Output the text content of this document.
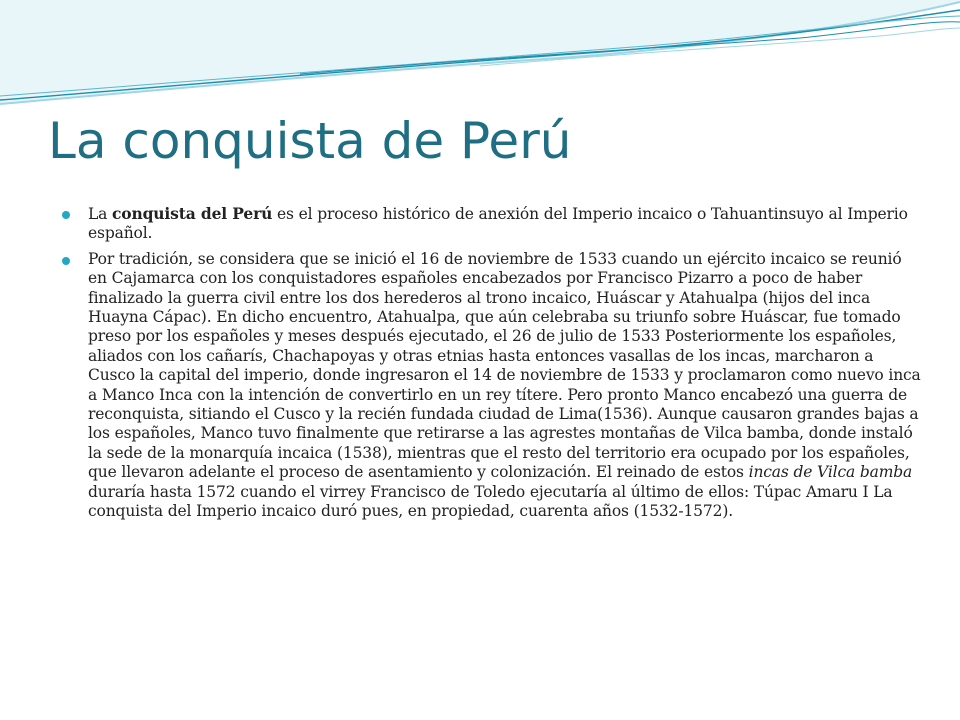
La conquista de Perú
La conquista del Perú es el proceso histórico de anexión del Imperio incaico o Tahuantinsuyo al Imperio español.
Por tradición, se considera que se inició el 16 de noviembre de 1533 cuando un ejército incaico se reunió en Cajamarca con los conquistadores españoles encabezados por Francisco Pizarro a poco de haber finalizado la guerra civil entre los dos herederos al trono incaico, Huáscar y Atahualpa (hijos del inca Huayna Cápac). En dicho encuentro, Atahualpa, que aún celebraba su triunfo sobre Huáscar, fue tomado preso por los españoles y meses después ejecutado, el 26 de julio de 1533 Posteriormente los españoles, aliados con los cañarís, Chachapoyas y otras etnias hasta entonces vasallas de los incas, marcharon a Cusco la capital del imperio, donde ingresaron el 14 de noviembre de 1533 y proclamaron como nuevo inca a Manco Inca con la intención de convertirlo en un rey títere. Pero pronto Manco encabezó una guerra de reconquista, sitiando el Cusco y la recién fundada ciudad de Lima(1536). Aunque causaron grandes bajas a los españoles, Manco tuvo finalmente que retirarse a las agrestes montañas de Vilca bamba, donde instaló la sede de la monarquía incaica (1538), mientras que el resto del territorio era ocupado por los españoles, que llevaron adelante el proceso de asentamiento y colonización. El reinado de estos incas de Vilca bamba duraría hasta 1572 cuando el virrey Francisco de Toledo ejecutaría al último de ellos: Túpac Amaru I La conquista del Imperio incaico duró pues, en propiedad, cuarenta años (1532-1572).
